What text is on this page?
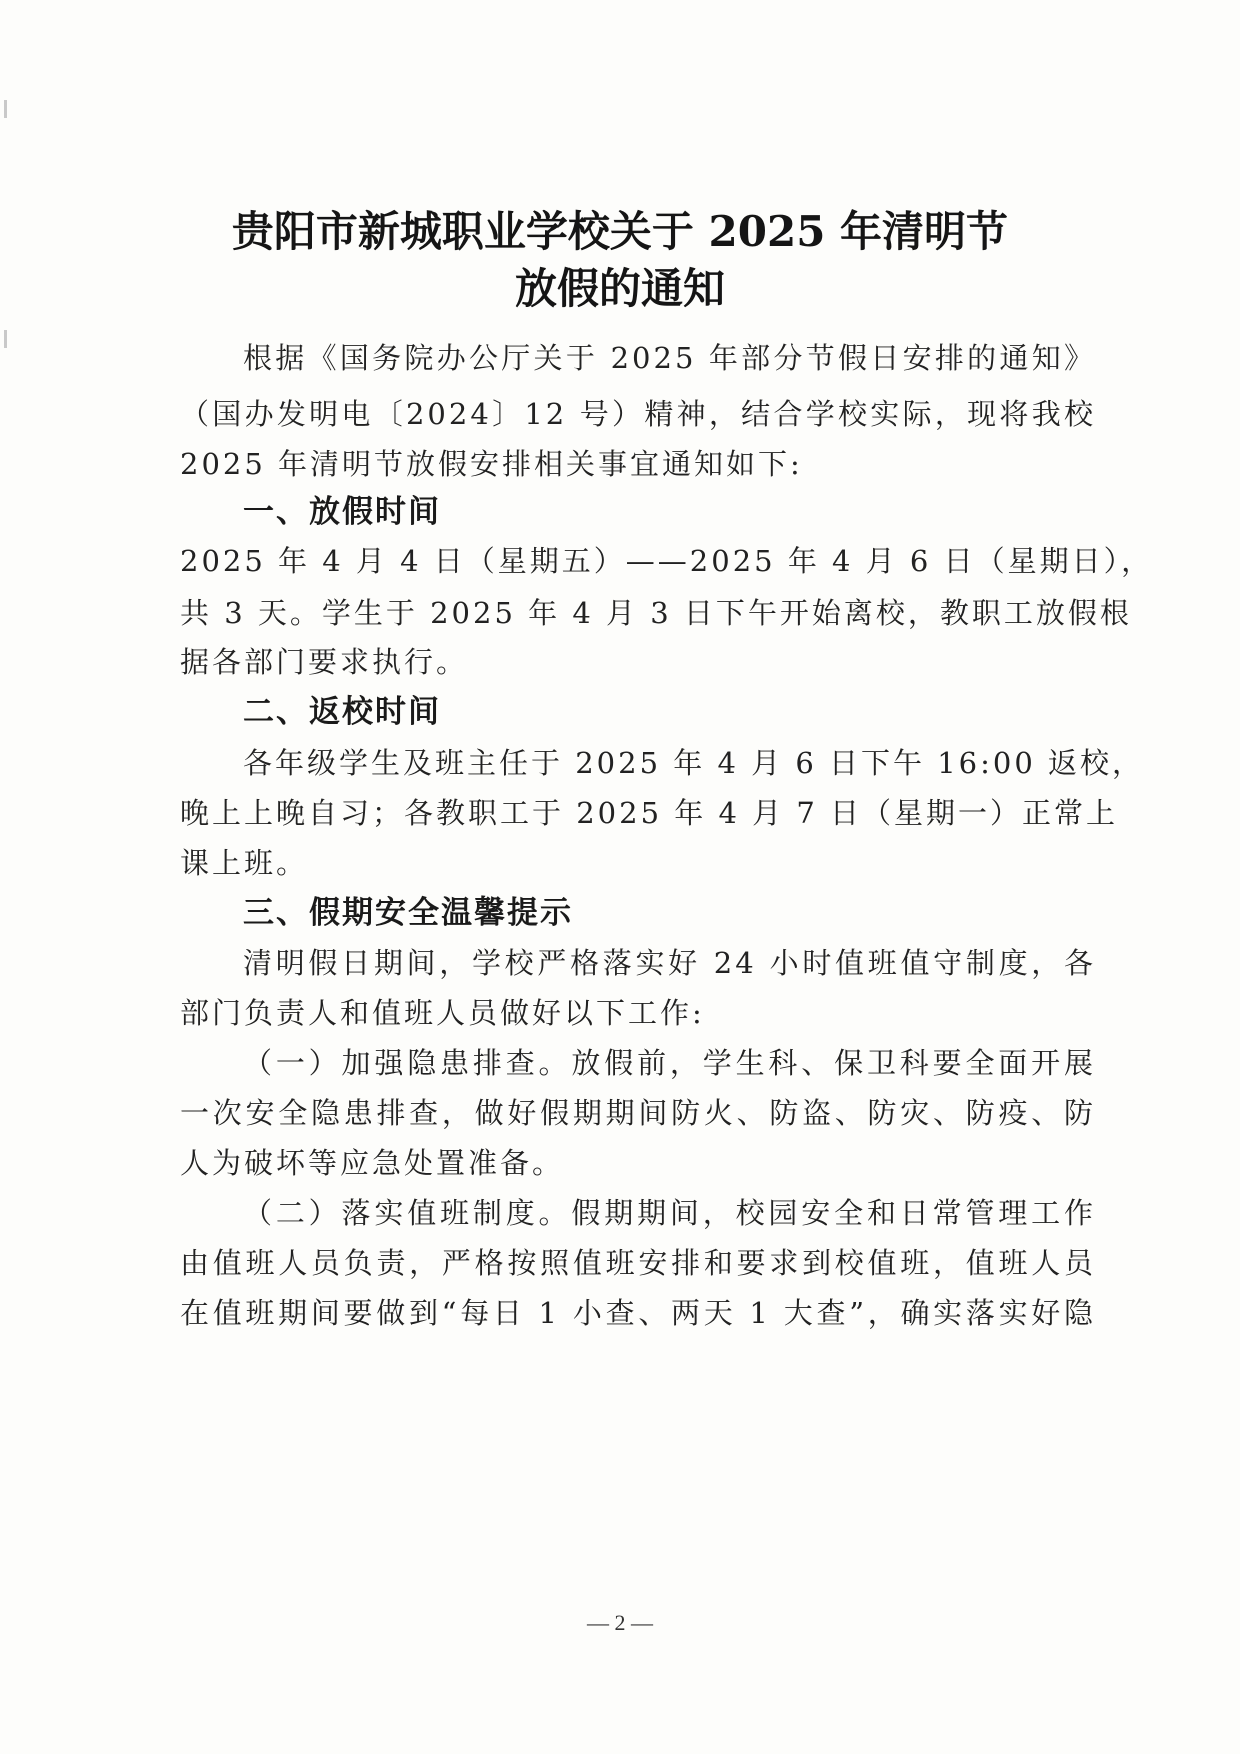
贵阳市新城职业学校关于 2025 年清明节
放假的通知
根据《国务院办公厅关于 2025 年部分节假日安排的通知》
（国办发明电〔2024〕12 号）精神，结合学校实际，现将我校
2025 年清明节放假安排相关事宜通知如下:
一、放假时间
2025 年 4 月 4 日（星期五）——2025 年 4 月 6 日（星期日），
共 3 天。学生于 2025 年 4 月 3 日下午开始离校，教职工放假根
据各部门要求执行。
二、返校时间
各年级学生及班主任于 2025 年 4 月 6 日下午 16:00 返校，
晚上上晚自习；各教职工于 2025 年 4 月 7 日（星期一）正常上
课上班。
三、假期安全温馨提示
清明假日期间，学校严格落实好 24 小时值班值守制度，各
部门负责人和值班人员做好以下工作:
（一）加强隐患排查。放假前，学生科、保卫科要全面开展
一次安全隐患排查，做好假期期间防火、防盗、防灾、防疫、防
人为破坏等应急处置准备。
（二）落实值班制度。假期期间，校园安全和日常管理工作
由值班人员负责，严格按照值班安排和要求到校值班，值班人员
在值班期间要做到“每日 1 小查、两天 1 大查”，确实落实好隐
— 2 —
